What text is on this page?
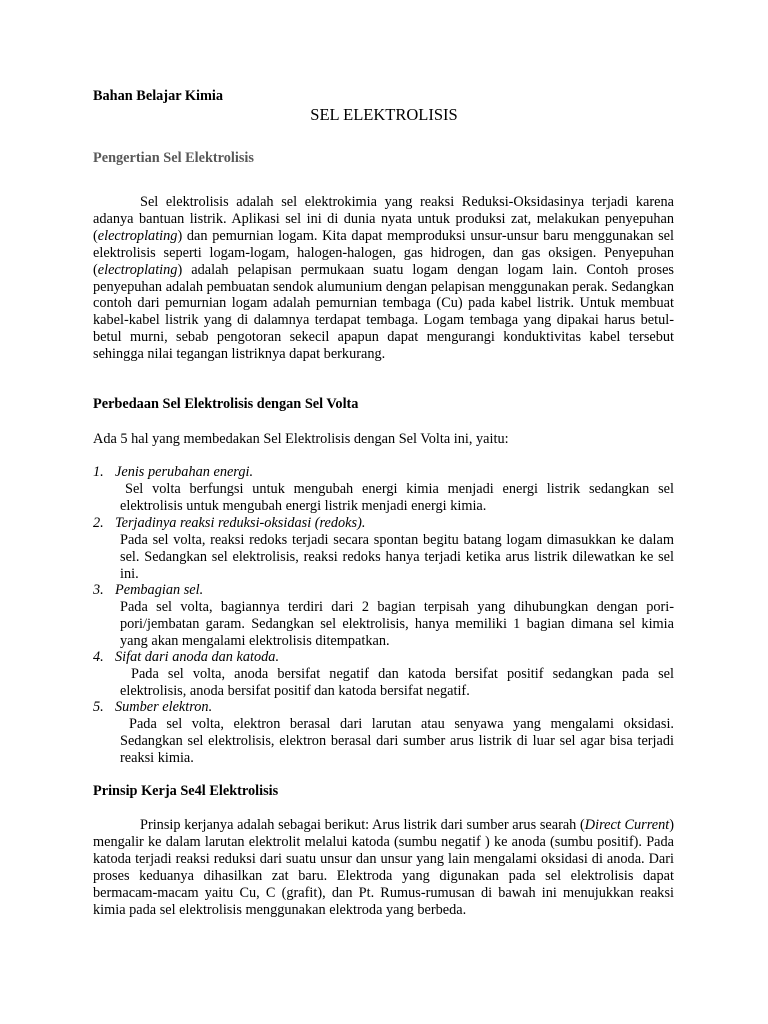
Bahan Belajar Kimia
SEL ELEKTROLISIS
Pengertian Sel Elektrolisis
Sel elektrolisis adalah sel elektrokimia yang reaksi Reduksi-Oksidasinya terjadi karena adanya bantuan listrik. Aplikasi sel ini di dunia nyata untuk produksi zat, melakukan penyepuhan (electroplating) dan pemurnian logam. Kita dapat memproduksi unsur-unsur baru menggunakan sel elektrolisis seperti logam-logam, halogen-halogen, gas hidrogen, dan gas oksigen. Penyepuhan (electroplating) adalah pelapisan permukaan suatu logam dengan logam lain. Contoh proses penyepuhan adalah pembuatan sendok alumunium dengan pelapisan menggunakan perak. Sedangkan contoh dari pemurnian logam adalah pemurnian tembaga (Cu) pada kabel listrik. Untuk membuat kabel-kabel listrik yang di dalamnya terdapat tembaga. Logam tembaga yang dipakai harus betul-betul murni, sebab pengotoran sekecil apapun dapat mengurangi konduktivitas kabel tersebut sehingga nilai tegangan listriknya dapat berkurang.
Perbedaan Sel Elektrolisis dengan Sel Volta
Ada 5 hal yang membedakan Sel Elektrolisis dengan Sel Volta ini, yaitu:
1. Jenis perubahan energi.
Sel volta berfungsi untuk mengubah energi kimia menjadi energi listrik sedangkan sel elektrolisis untuk mengubah energi listrik menjadi energi kimia.
2. Terjadinya reaksi reduksi-oksidasi (redoks).
Pada sel volta, reaksi redoks terjadi secara spontan begitu batang logam dimasukkan ke dalam sel. Sedangkan sel elektrolisis, reaksi redoks hanya terjadi ketika arus listrik dilewatkan ke sel ini.
3. Pembagian sel.
Pada sel volta, bagiannya terdiri dari 2 bagian terpisah yang dihubungkan dengan pori-pori/jembatan garam. Sedangkan sel elektrolisis, hanya memiliki 1 bagian dimana sel kimia yang akan mengalami elektrolisis ditempatkan.
4. Sifat dari anoda dan katoda.
Pada sel volta, anoda bersifat negatif dan katoda bersifat positif sedangkan pada sel elektrolisis, anoda bersifat positif dan katoda bersifat negatif.
5. Sumber elektron.
Pada sel volta, elektron berasal dari larutan atau senyawa yang mengalami oksidasi. Sedangkan sel elektrolisis, elektron berasal dari sumber arus listrik di luar sel agar bisa terjadi reaksi kimia.
Prinsip Kerja Se4l Elektrolisis
Prinsip kerjanya adalah sebagai berikut: Arus listrik dari sumber arus searah (Direct Current) mengalir ke dalam larutan elektrolit melalui katoda (sumbu negatif ) ke anoda (sumbu positif). Pada katoda terjadi reaksi reduksi dari suatu unsur dan unsur yang lain mengalami oksidasi di anoda. Dari proses keduanya dihasilkan zat baru. Elektroda yang digunakan pada sel elektrolisis dapat bermacam-macam yaitu Cu, C (grafit), dan Pt. Rumus-rumusan di bawah ini menujukkan reaksi kimia pada sel elektrolisis menggunakan elektroda yang berbeda.
